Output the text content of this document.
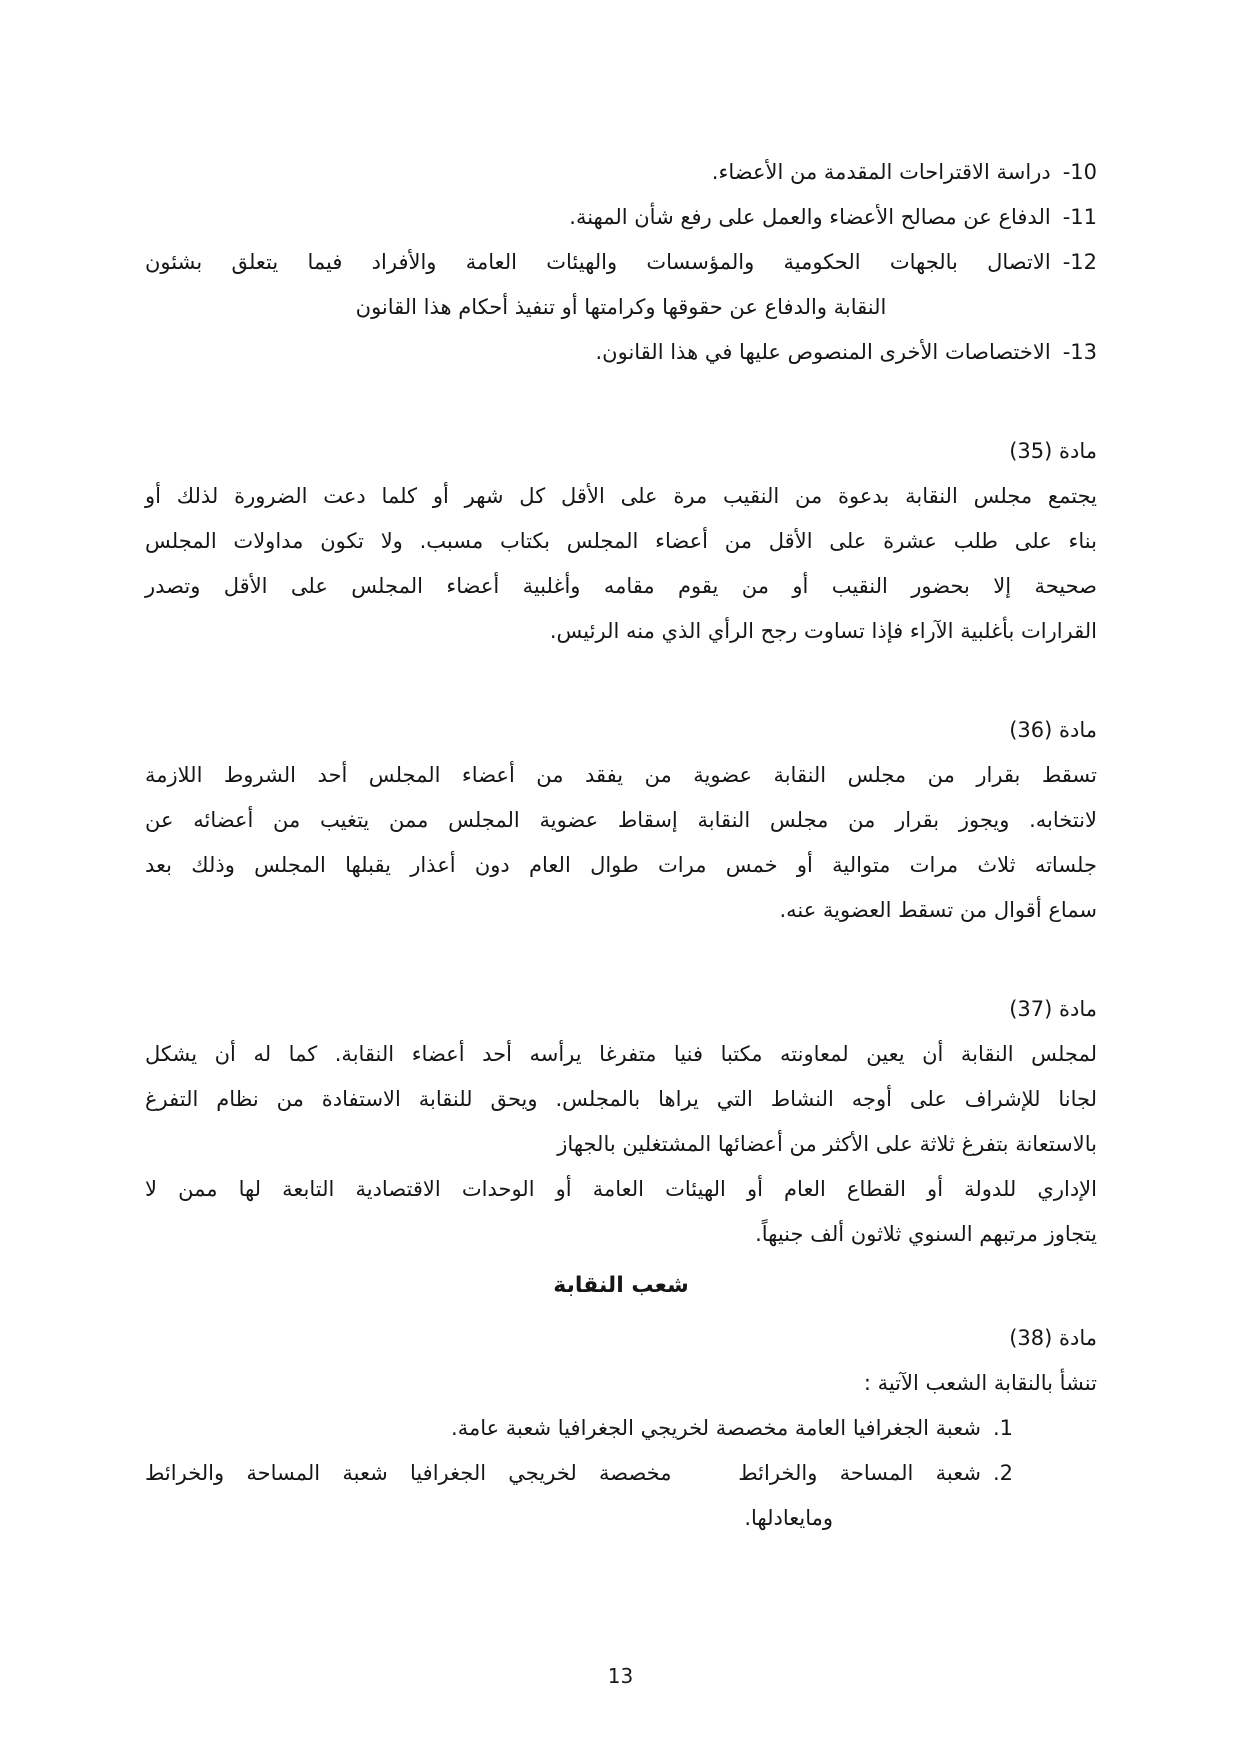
10-دراسة الاقتراحات المقدمة من الأعضاء.
11-الدفاع عن مصالح الأعضاء والعمل على رفع شأن المهنة.
12-الاتصال بالجهات الحكومية والمؤسسات والهيئات العامة والأفراد فيما يتعلق بشئون
النقابة والدفاع عن حقوقها وكرامتها أو تنفيذ أحكام هذا القانون
13-الاختصاصات الأخرى المنصوص عليها في هذا القانون.
مادة (35)
يجتمع مجلس النقابة بدعوة من النقيب مرة على الأقل كل شهر أو كلما دعت الضرورة لذلك أو
بناء على طلب عشرة على الأقل من أعضاء المجلس بكتاب مسبب. ولا تكون مداولات المجلس
صحيحة إلا بحضور النقيب أو من يقوم مقامه وأغلبية أعضاء المجلس على الأقل وتصدر
القرارات بأغلبية الآراء فإذا تساوت رجح الرأي الذي منه الرئيس.
مادة (36)
تسقط بقرار من مجلس النقابة عضوية من يفقد من أعضاء المجلس أحد الشروط اللازمة
لانتخابه. ويجوز بقرار من مجلس النقابة إسقاط عضوية المجلس ممن يتغيب من أعضائه عن
جلساته ثلاث مرات متوالية أو خمس مرات طوال العام دون أعذار يقبلها المجلس وذلك بعد
سماع أقوال من تسقط العضوية عنه.
مادة (37)
لمجلس النقابة أن يعين لمعاونته مكتبا فنيا متفرغا يرأسه أحد أعضاء النقابة. كما له أن يشكل
لجانا للإشراف على أوجه النشاط التي يراها بالمجلس. ويحق للنقابة الاستفادة من نظام التفرغ
بالاستعانة بتفرغ ثلاثة على الأكثر من أعضائها المشتغلين بالجهاز
الإداري للدولة أو القطاع العام أو الهيئات العامة أو الوحدات الاقتصادية التابعة لها ممن لا
يتجاوز مرتبهم السنوي ثلاثون ألف جنيهاً.
شعب النقابة
مادة (38)
تنشأ بالنقابة الشعب الآتية :
1.شعبة الجغرافيا العامة مخصصة لخريجي الجغرافيا شعبة عامة.
2.شعبة المساحة والخرائط   مخصصة لخريجي الجغرافيا شعبة المساحة والخرائط
ومايعادلها.
13
